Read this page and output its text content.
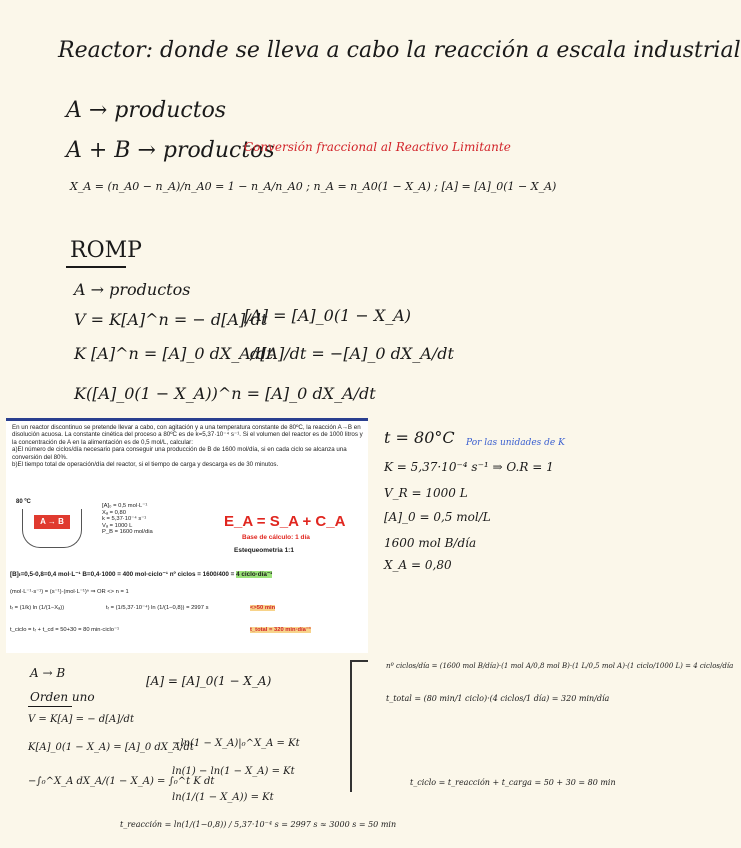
Reactor: donde se lleva a cabo la reacción a escala industrial
A → productos
A + B → productos
Conversión fraccional al Reactivo Limitante
X_A = (n_A0 − n_A)/n_A0 = 1 − n_A/n_A0 ; n_A = n_A0(1 − X_A) ; [A] = [A]_0(1 − X_A)
ROMP
A → productos
V = K[A]^n = − d[A]/dt
[A] = [A]_0(1 − X_A)
K [A]^n = [A]_0 dX_A/dt
d[A]/dt = −[A]_0 dX_A/dt
K([A]_0(1 − X_A))^n = [A]_0 dX_A/dt

En un reactor discontinuo se pretende llevar a cabo, con agitación y a una temperatura constante de 80ºC, la reacción A→B en disolución acuosa. La constante cinética del proceso a 80ºC es de k=5,37·10⁻⁴ s⁻¹. Si el volumen del reactor es de 1000 litros y la concentración de A en la alimentación es de 0,5 mol/L, calcular:

a)El número de ciclos/día necesario para conseguir una producción de B de 1600 mol/día, si en cada ciclo se alcanza una conversión del 80%.

b)El tiempo total de operación/día del reactor, si el tiempo de carga y descarga es de 30 minutos.

80 ºC
A → B
[A]₀ = 0,5 mol·L⁻¹
Xₐ = 0,80
k = 5,37·10⁻⁴ s⁻¹
Vₐ = 1000 L
P_B = 1600 mol/dia
E_A = S_A + C_A
Base de cálculo: 1 día
Estequeometria 1:1
[B]ₜ=0,5-0,8=0,4 mol·L⁻¹ B=0,4·1000 = 400 mol·ciclo⁻¹ nº ciclos = 1600/400 = 4 ciclo·día⁻¹
(mol·L⁻¹·s⁻¹) = (s⁻¹)·(mol·L⁻¹)ⁿ ⇒ OR <> n = 1
tᵣ = (1/k) ln (1/(1−Xₐ))	tᵣ = (1/5,37·10⁻⁴) ln (1/(1−0,8)) = 2997 s	<>50 min
t_ciclo = tᵣ + t_cd = 50+30 = 80 min·ciclo⁻¹	t_total = 320 min·día⁻¹
t = 80°C Por las unidades de K
K = 5,37·10⁻⁴ s⁻¹ ⇒ O.R = 1
V_R = 1000 L
[A]_0 = 0,5 mol/L
1600 mol B/día
X_A = 0,80
A → B
Orden uno
V = K[A] = − d[A]/dt
K[A]_0(1 − X_A) = [A]_0 dX_A/dt
−∫₀^X_A dX_A/(1 − X_A) = ∫₀^t K dt
[A] = [A]_0(1 − X_A)
−ln(1 − X_A)|₀^X_A = Kt
ln(1) − ln(1 − X_A) = Kt
ln(1/(1 − X_A)) = Kt
t_reacción = ln(1/(1−0,8)) / 5,37·10⁻⁴ s = 2997 s ≈ 3000 s = 50 min
nº ciclos/día = (1600 mol B/día)·(1 mol A/0,8 mol B)·(1 L/0,5 mol A)·(1 ciclo/1000 L) = 4 ciclos/día
t_total = (80 min/1 ciclo)·(4 ciclos/1 día) = 320 min/día
t_ciclo = t_reacción + t_carga = 50 + 30 = 80 min
